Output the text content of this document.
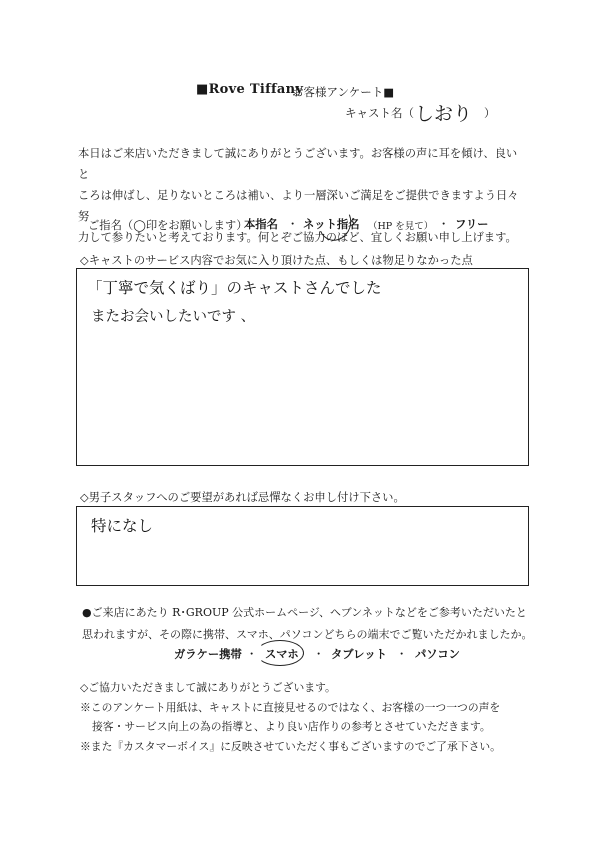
■Rove Tiffany
お客様アンケート■
キャスト名（ しおり ）
本日はご来店いただきまして誠にありがとうございます。お客様の声に耳を傾け、良いと
ころは伸ばし、足りないところは補い、より一層深いご満足をご提供できますよう日々努
力して参りたいと考えております。何とぞご協力のほど、宜しくお願い申し上げます。
ご指名（◯印をお願いします）
本指名 ・ ネット指名 （HP を見て） ・ フリー
◇キャストのサービス内容でお気に入り頂けた点、もしくは物足りなかった点
「丁寧で気くばり」のキャストさんでした
またお会いしたいです 、
◇男子スタッフへのご要望があれば忌憚なくお申し付け下さい。
特になし
●ご来店にあたり R･GROUP 公式ホームページ、ヘブンネットなどをご参考いただいたと
思われますが、その際に携帯、スマホ、パソコンどちらの端末でご覧いただかれましたか。
ガラケー携帯 ・ スマホ ・ タブレット ・ パソコン
◇ご協力いただきまして誠にありがとうございます。
※このアンケート用紙は、キャストに直接見せるのではなく、お客様の一つ一つの声を
接客・サービス向上の為の指導と、より良い店作りの参考とさせていただきます。
※また『カスタマーボイス』に反映させていただく事もございますのでご了承下さい。
